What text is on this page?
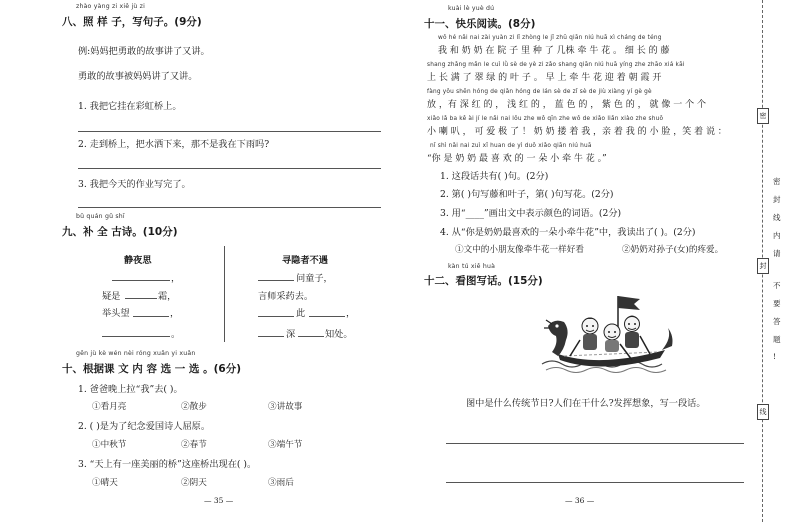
zhào yàng zi xiě jù zi
八、照 样 子，写句子。(9分)
例:妈妈把勇敢的故事讲了又讲。
勇敢的故事被妈妈讲了又讲。
1. 我把它挂在彩虹桥上。
2. 走到桥上，把水洒下来，那不是我在下雨吗?
3. 我把今天的作业写完了。
bǔ quán gǔ shī
九、补 全 古诗。(10分)
静夜思
，
疑是	霜，
举头望	，
。
寻隐者不遇
问童子，
言师采药去。
此	，
深	知处。
gēn jù kè wén nèi róng xuǎn yi xuǎn
十、根据课 文 内 容 选 一 选 。(6分)
1. 爸爸晚上拉“我”去( )。
①看月亮	②散步	③讲故事
2. ( )是为了纪念爱国诗人屈原。
①中秋节	②春节	③端午节
3. “天上有一座美丽的桥”这座桥出现在( )。
①晴天	②阴天	③雨后
— 35 —
kuài lè yuè dú
十一、快乐阅读。(8分)
wǒ hé nǎi nai zài yuàn zi lǐ zhòng le jǐ zhū qiān niú huā xì cháng de téng
我 和 奶 奶 在 院 子 里 种 了 几株 牵 牛 花 。 细 长 的 藤
shang zhǎng mǎn le cuì lǜ sè de yè zi zǎo shang qiān niú huā yíng zhe zhāo xiá kāi
上 长 满 了 翠 绿 的 叶 子 。 早 上 牵 牛 花 迎 着 朝 霞 开
fàng yǒu shēn hóng de qiǎn hóng de lán sè de zǐ sè de jiù xiàng yí gè gè
放 ，有 深 红 的 ， 浅 红 的 ， 蓝 色 的 ， 紫 色 的 ， 就 像 一 个 个
xiǎo lǎ ba kě ài jí le nǎi nai lǒu zhe wǒ qīn zhe wǒ de xiǎo liǎn xiào zhe shuō
小 喇 叭 ， 可 爱 极 了 ！ 奶 奶 搂 着 我 ，亲 着 我 的 小 脸 ，笑 着 说 ：
nǐ shì nǎi nai zuì xǐ huan de yì duǒ xiǎo qiān niú huā
“你 是 奶 奶 最 喜 欢 的 一 朵 小 牵 牛 花 。”
1. 这段话共有( )句。(2分)
2. 第( )句写藤和叶子，第( )句写花。(2分)
3. 用“____”画出文中表示颜色的词语。(2分)
4. 从“你是奶奶最喜欢的一朵小牵牛花”中，我读出了( )。(2分)
①文中的小朋友像牵牛花一样好看	②奶奶对孙子(女)的疼爱。
kàn tú xiě huà
十二、看图写话。(15分)
图中是什么传统节日?人们在干什么?发挥想象，写一段话。
— 36 —
密
封
线
密
封
线
内
请
不
要
答
题
!
